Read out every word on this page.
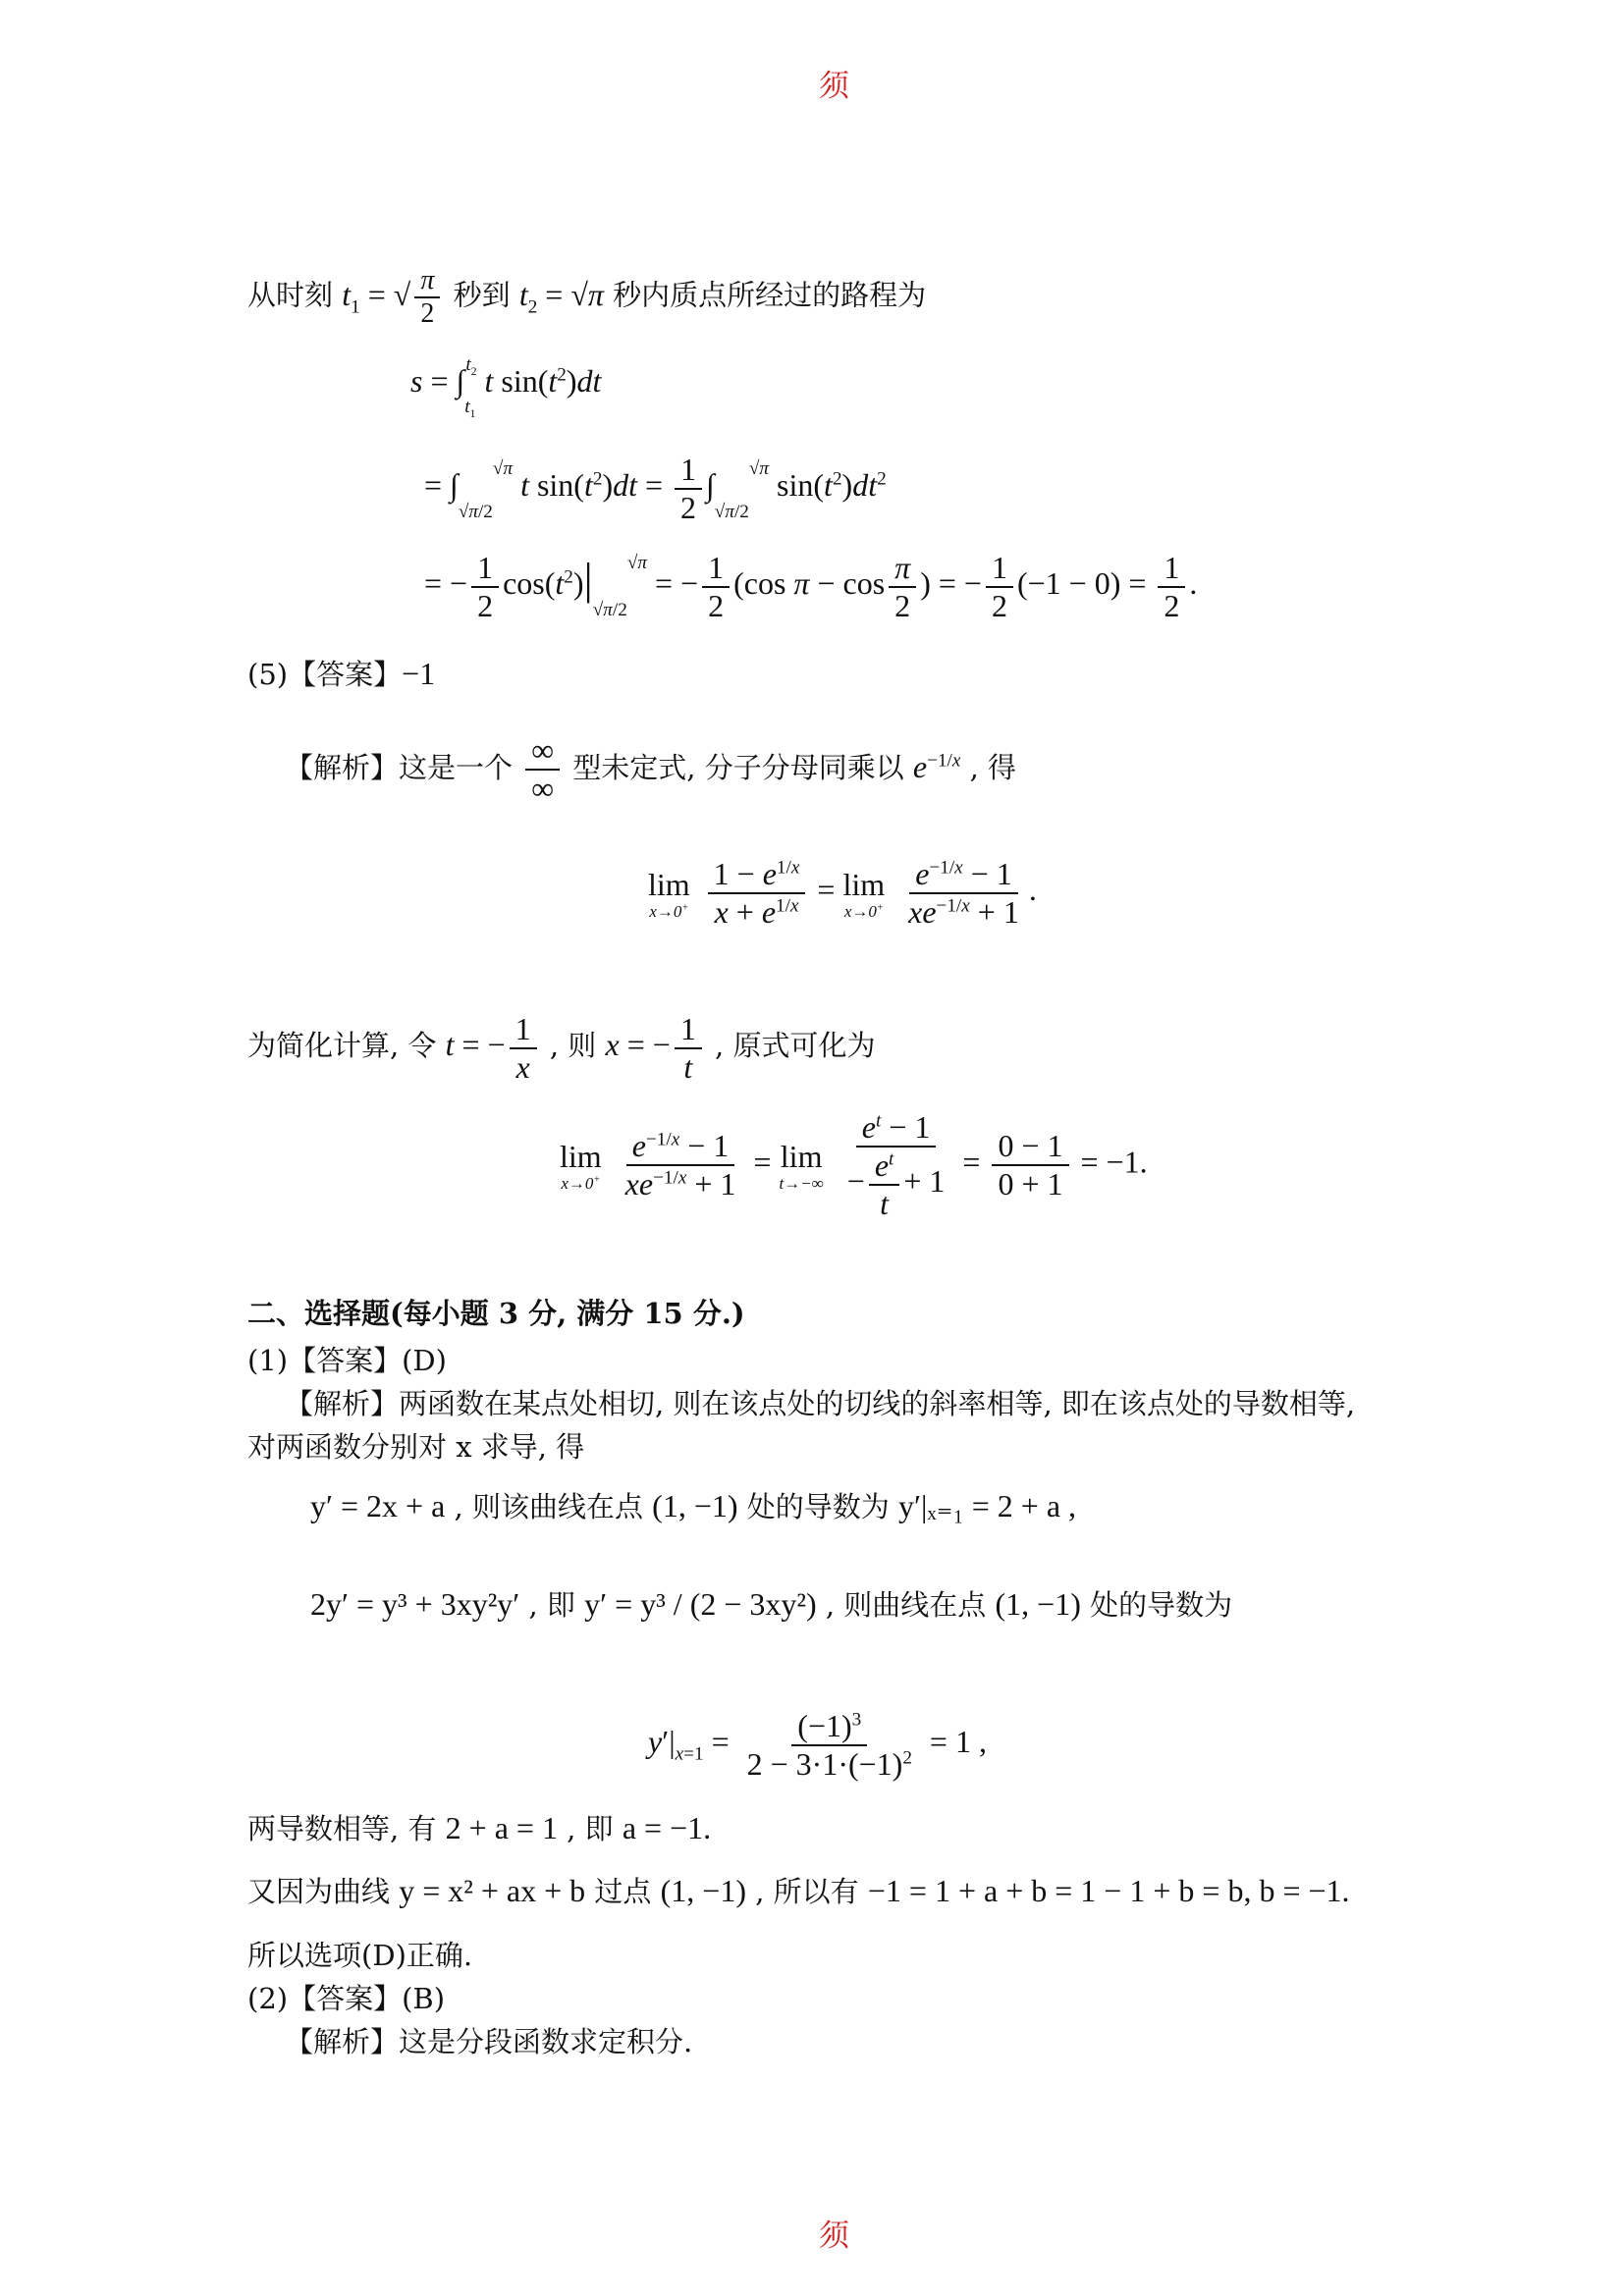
须
从时刻 $t_1$ = √ $\frac{\pi}{2}$ 秒到 $t_2 = √\pi$ 秒内质点所经过的路程为
$s = \int_{t_1}^{t_2}$ t $\sin(t^2)dt$
= $\int_{√\pi/2}^{√\pi}$ t $\sin(t^2)dt = \frac{1}{2} \int_{√\pi/2}^{√\pi}$ $\sin(t^2)dt^2$
= − $\frac{1}{2} \cos(t^2)|_{√\pi/2}^{√\pi}$ = − $\frac{1}{2} (\cos$ $\pi - \cos \frac{\pi}{2}$ ) = − $\frac{1}{2} (-1 - 0) = \frac{1}{2}$ .
(5)【答案】−1
【解析】这是一个 $\frac{\infty}{\infty}$ 型未定式, 分子分母同乘以 $e^{-1/x}$ , 得
lim
x→0+
$\frac{1 - e^{1/x}}{x + e^{1/x}} = \lim$
x→0+
$\frac{e^{-1/x} - 1}{xe^{-1/x} + 1}$ .
为简化计算, 令 t = − $\frac{1}{x}$ , 则 x = − $\frac{1}{t}$ , 原式可化为
lim
x→0+
$\frac{e^{-1/x} - 1}{xe^{-1/x} + 1} = \lim$
t→−∞
$\frac{e^t - 1}{- \frac{e^t}{t} + 1} = \frac{0 - 1}{0 + 1} = -1$.
二、选择题(每小题 3 分, 满分 15 分.)
(1)【答案】(D)
【解析】两函数在某点处相切, 则在该点处的切线的斜率相等, 即在该点处的导数相等,
对两函数分别对 x 求导, 得
y′ = 2x + a , 则该曲线在点 (1, −1) 处的导数为 y′|ₓ₌₁ = 2 + a ,
2y′ = y³ + 3xy²y′ , 即 y′ = y³ / (2 − 3xy²) , 则曲线在点 (1, −1) 处的导数为
$y'|_{x=1} = \frac{(-1)^3}{2 - 3\cdot 1\cdot(-1)^2} = 1$ ,
两导数相等, 有 2 + a = 1 , 即 a = −1.
又因为曲线 y = x² + ax + b 过点 (1, −1) , 所以有 −1 = 1 + a + b = 1 − 1 + b = b, b = −1.
所以选项(D)正确.
(2)【答案】(B)
【解析】这是分段函数求定积分.
须
